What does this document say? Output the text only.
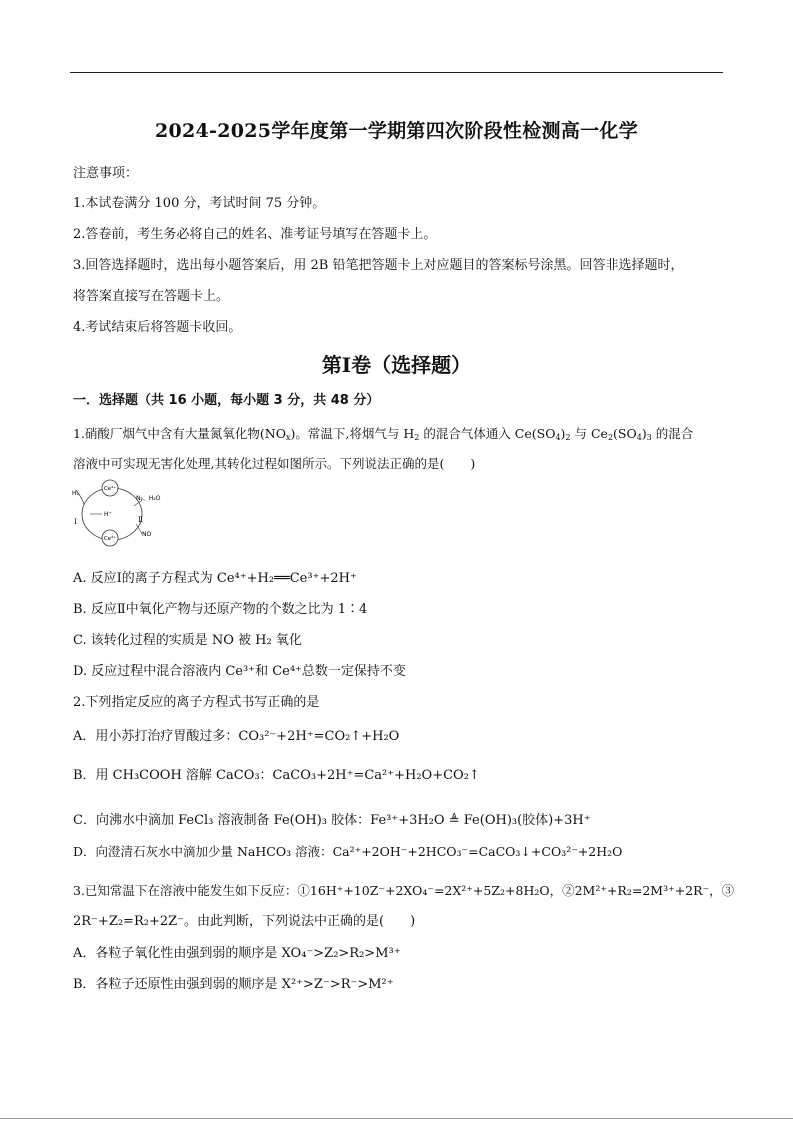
2024-2025学年度第一学期第四次阶段性检测高一化学
注意事项：
1.本试卷满分 100 分，考试时间 75 分钟。
2.答卷前，考生务必将自己的姓名、准考证号填写在答题卡上。
3.回答选择题时，选出每小题答案后，用 2B 铅笔把答题卡上对应题目的答案标号涂黑。回答非选择题时，
将答案直接写在答题卡上。
4.考试结束后将答题卡收回。
第Ⅰ卷（选择题）
一．选择题（共 16 小题，每小题 3 分，共 48 分）
1.硝酸厂烟气中含有大量氮氧化物$(NO_x)$。常温下,将烟气与 $H_2$ 的混合气体通入 $Ce(SO_4)_2$ 与 $Ce_2(SO_4)_3$ 的混合
溶液中可实现无害化处理,其转化过程如图所示。下列说法正确的是( )
Ce⁴⁺
Ce³⁺
H₂
H⁺
N₂、H₂O
NO
Ⅰ	Ⅱ
A. 反应Ⅰ的离子方程式为 Ce⁴⁺+H₂══Ce³⁺+2H⁺
B. 反应Ⅱ中氧化产物与还原产物的个数之比为 1∶4
C. 该转化过程的实质是 NO 被 H₂ 氧化
D. 反应过程中混合溶液内 Ce³⁺和 Ce⁴⁺总数一定保持不变
2.下列指定反应的离子方程式书写正确的是
A．用小苏打治疗胃酸过多：CO₃²⁻+2H⁺=CO₂↑+H₂O
B．用 CH₃COOH 溶解 CaCO₃：CaCO₃+2H⁺=Ca²⁺+H₂O+CO₂↑
C．向沸水中滴加 FeCl₃ 溶液制备 Fe(OH)₃ 胶体：Fe³⁺+3H₂O ≜ Fe(OH)₃(胶体)+3H⁺
D．向澄清石灰水中滴加少量 NaHCO₃ 溶液：Ca²⁺+2OH⁻+2HCO₃⁻=CaCO₃↓+CO₃²⁻+2H₂O
3.已知常温下在溶液中能发生如下反应：①16H⁺+10Z⁻+2XO₄⁻=2X²⁺+5Z₂+8H₂O，②2M²⁺+R₂=2M³⁺+2R⁻，③
2R⁻+Z₂=R₂+2Z⁻。由此判断，下列说法中正确的是( )
A．各粒子氧化性由强到弱的顺序是 XO₄⁻>Z₂>R₂>M³⁺
B．各粒子还原性由强到弱的顺序是 X²⁺>Z⁻>R⁻>M²⁺
